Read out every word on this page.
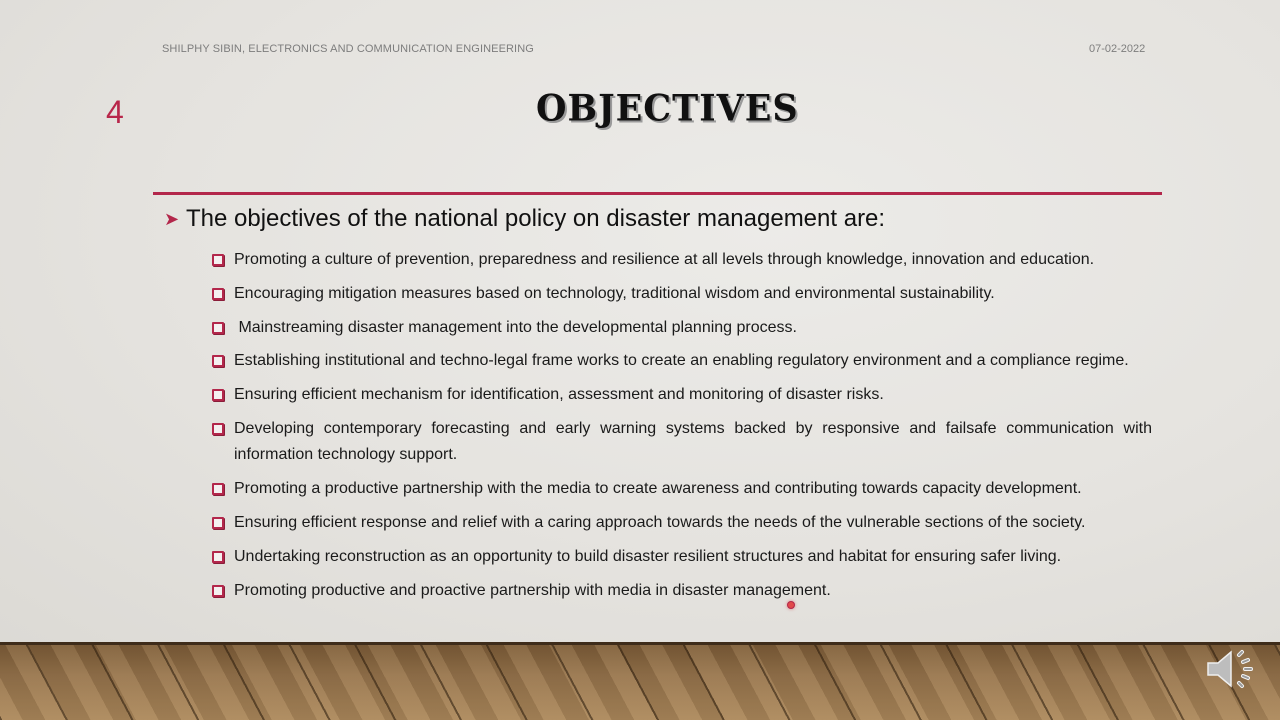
SHILPHY SIBIN, ELECTRONICS AND COMMUNICATION ENGINEERING	07-02-2022
4	OBJECTIVES
➤ The objectives of the national policy on disaster management are:
Promoting a culture of prevention, preparedness and resilience at all levels through knowledge, innovation and education.
Encouraging mitigation measures based on technology, traditional wisdom and environmental sustainability.
Mainstreaming disaster management into the developmental planning process.
Establishing institutional and techno-legal frame works to create an enabling regulatory environment and a compliance regime.
Ensuring efficient mechanism for identification, assessment and monitoring of disaster risks.
Developing contemporary forecasting and early warning systems backed by responsive and failsafe communication with information technology support.
Promoting a productive partnership with the media to create awareness and contributing towards capacity development.
Ensuring efficient response and relief with a caring approach towards the needs of the vulnerable sections of the society.
Undertaking reconstruction as an opportunity to build disaster resilient structures and habitat for ensuring safer living.
Promoting productive and proactive partnership with media in disaster management.
